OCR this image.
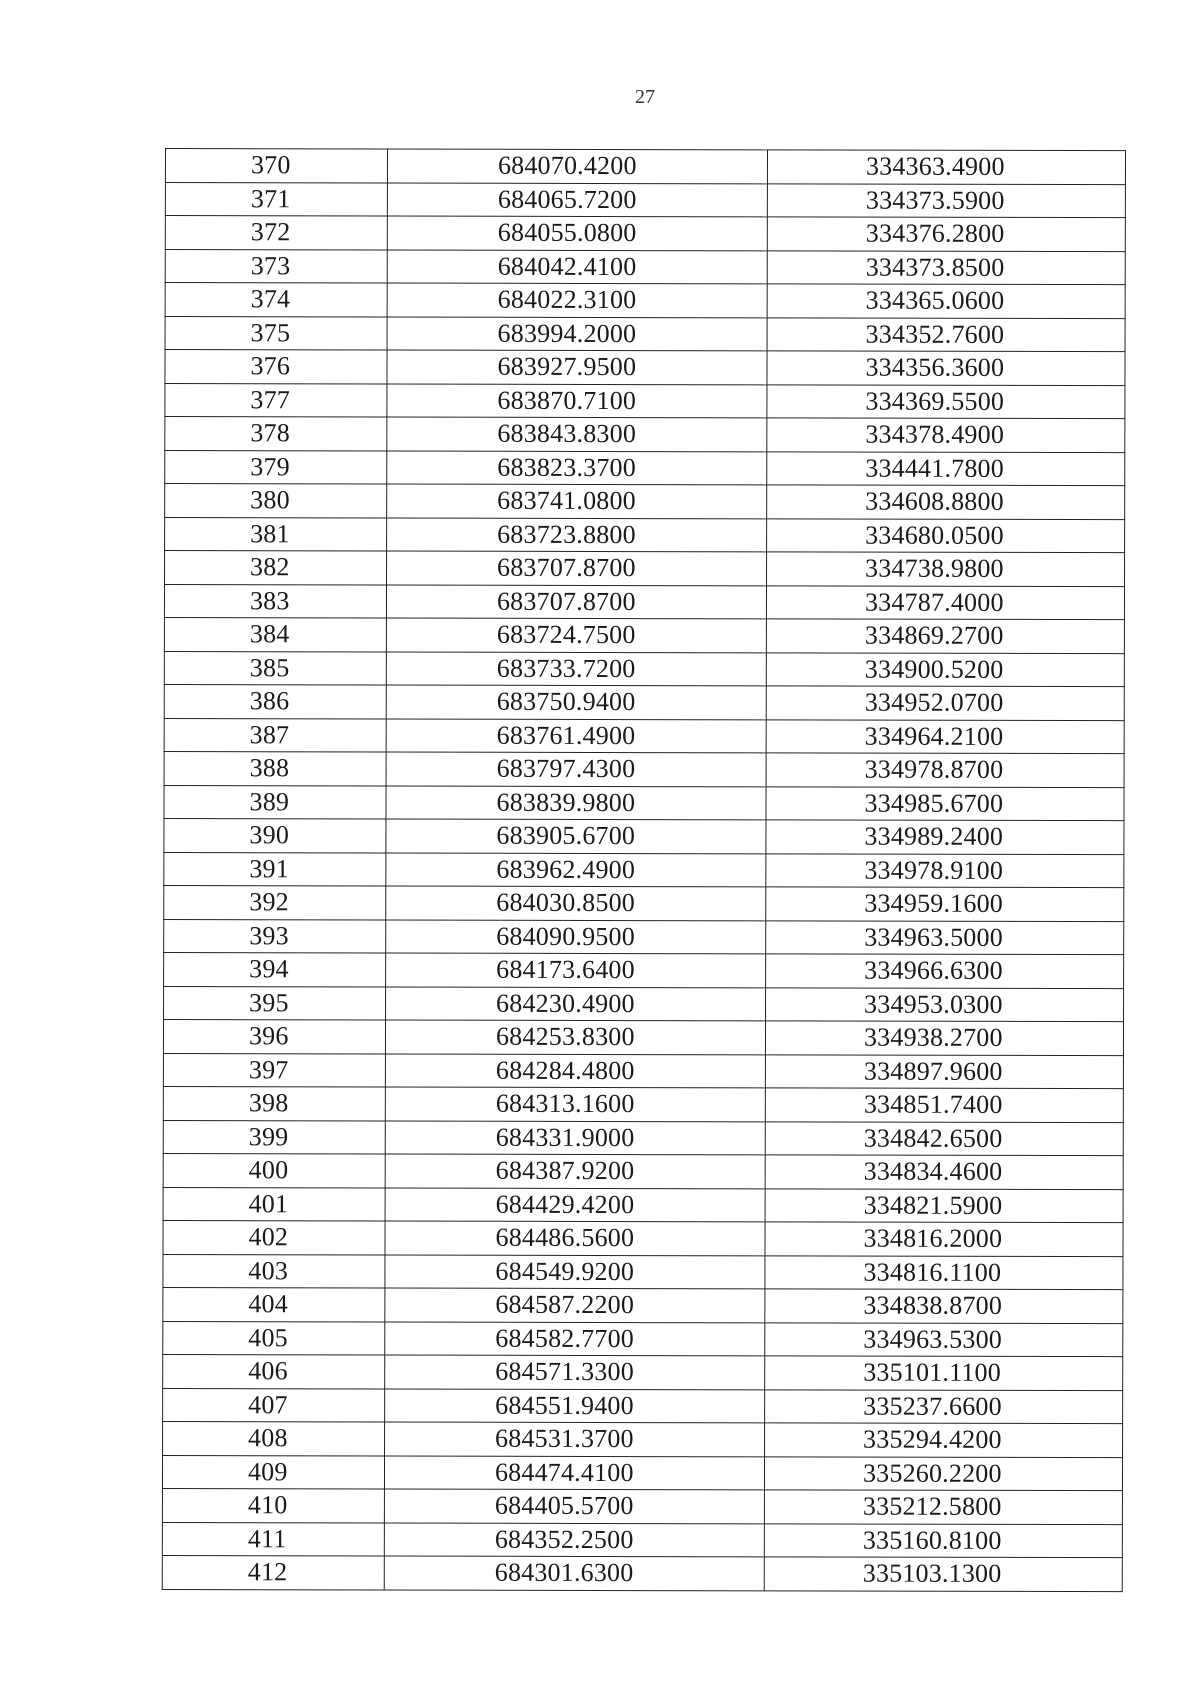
27
370	684070.4200	334363.4900
371	684065.7200	334373.5900
372	684055.0800	334376.2800
373	684042.4100	334373.8500
374	684022.3100	334365.0600
375	683994.2000	334352.7600
376	683927.9500	334356.3600
377	683870.7100	334369.5500
378	683843.8300	334378.4900
379	683823.3700	334441.7800
380	683741.0800	334608.8800
381	683723.8800	334680.0500
382	683707.8700	334738.9800
383	683707.8700	334787.4000
384	683724.7500	334869.2700
385	683733.7200	334900.5200
386	683750.9400	334952.0700
387	683761.4900	334964.2100
388	683797.4300	334978.8700
389	683839.9800	334985.6700
390	683905.6700	334989.2400
391	683962.4900	334978.9100
392	684030.8500	334959.1600
393	684090.9500	334963.5000
394	684173.6400	334966.6300
395	684230.4900	334953.0300
396	684253.8300	334938.2700
397	684284.4800	334897.9600
398	684313.1600	334851.7400
399	684331.9000	334842.6500
400	684387.9200	334834.4600
401	684429.4200	334821.5900
402	684486.5600	334816.2000
403	684549.9200	334816.1100
404	684587.2200	334838.8700
405	684582.7700	334963.5300
406	684571.3300	335101.1100
407	684551.9400	335237.6600
408	684531.3700	335294.4200
409	684474.4100	335260.2200
410	684405.5700	335212.5800
411	684352.2500	335160.8100
412	684301.6300	335103.1300
